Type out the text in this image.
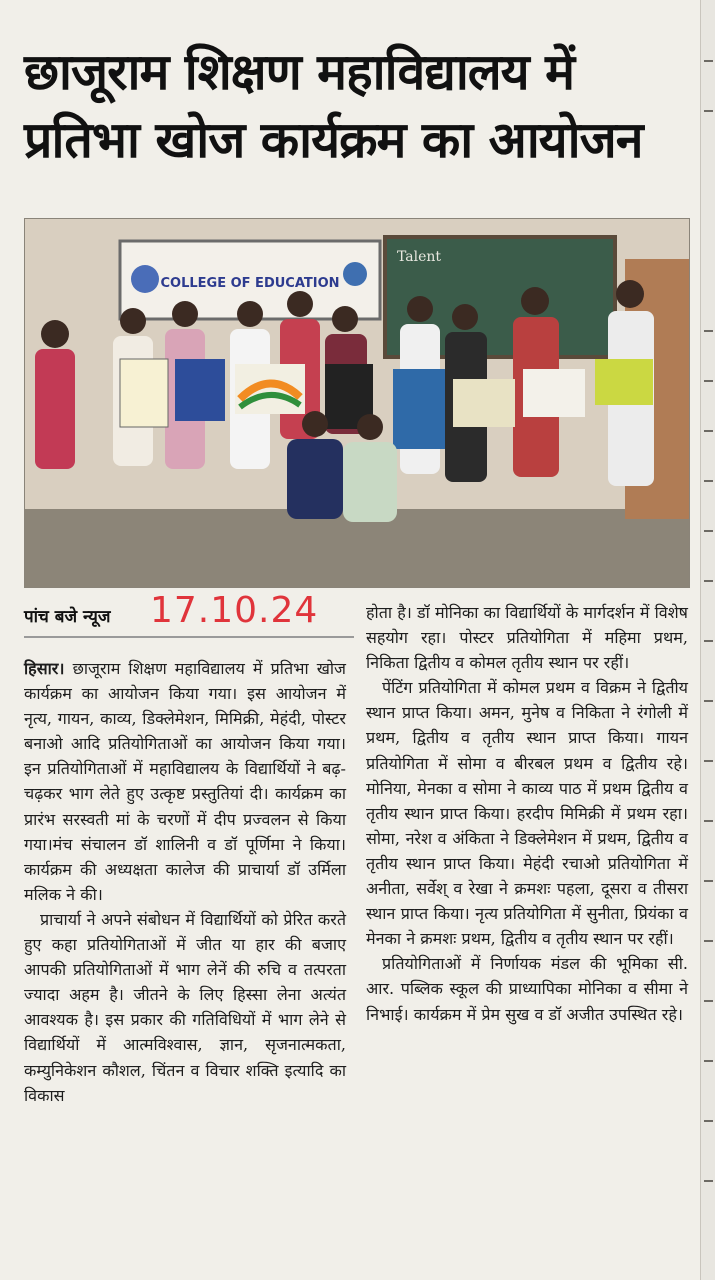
छाजूराम शिक्षण महाविद्यालय में
प्रतिभा खोज कार्यक्रम का आयोजन
COLLEGE OF EDUCATION
Talent
पांच बजे न्यूज 17.10.24

हिसार। छाजूराम शिक्षण महाविद्यालय में प्रतिभा खोज कार्यक्रम का आयोजन किया गया। इस आयोजन में नृत्य, गायन, काव्य, डिक्लेमेशन, मिमिक्री, मेहंदी, पोस्टर बनाओ आदि प्रतियोगिताओं का आयोजन किया गया। इन प्रतियोगिताओं में महाविद्यालय के विद्यार्थियों ने बढ़-चढ़कर भाग लेते हुए उत्कृष्ट प्रस्तुतियां दी। कार्यक्रम का प्रारंभ सरस्वती मां के चरणों में दीप प्रज्वलन से किया गया।मंच संचालन डॉ शालिनी व डॉ पूर्णिमा ने किया। कार्यक्रम की अध्यक्षता कालेज की प्राचार्या डॉ उर्मिला मलिक ने की।

प्राचार्या ने अपने संबोधन में विद्यार्थियों को प्रेरित करते हुए कहा प्रतियोगिताओं में जीत या हार की बजाए आपकी प्रतियोगिताओं में भाग लेनें की रुचि व तत्परता ज्यादा अहम है। जीतने के लिए हिस्सा लेना अत्यंत आवश्यक है। इस प्रकार की गतिविधियों में भाग लेने से विद्यार्थियों में आत्मविश्वास, ज्ञान, सृजनात्मकता, कम्युनिकेशन कौशल, चिंतन व विचार शक्ति इत्यादि का विकास

होता है। डॉ मोनिका का विद्यार्थियों के मार्गदर्शन में विशेष सहयोग रहा। पोस्टर प्रतियोगिता में महिमा प्रथम, निकिता द्वितीय व कोमल तृतीय स्थान पर रहीं।

पेंटिंग प्रतियोगिता में कोमल प्रथम व विक्रम ने द्वितीय स्थान प्राप्त किया। अमन, मुनेष व निकिता ने रंगोली में प्रथम, द्वितीय व तृतीय स्थान प्राप्त किया। गायन प्रतियोगिता में सोमा व बीरबल प्रथम व द्वितीय रहे। मोनिया, मेनका व सोमा ने काव्य पाठ में प्रथम द्वितीय व तृतीय स्थान प्राप्त किया। हरदीप मिमिक्री में प्रथम रहा। सोमा, नरेश व अंकिता ने डिक्लेमेशन में प्रथम, द्वितीय व तृतीय स्थान प्राप्त किया। मेहंदी रचाओ प्रतियोगिता में अनीता, सर्वेश् व रेखा ने क्रमशः पहला, दूसरा व तीसरा स्थान प्राप्त किया। नृत्य प्रतियोगिता में सुनीता, प्रियंका व मेनका ने क्रमशः प्रथम, द्वितीय व तृतीय स्थान पर रहीं।

प्रतियोगिताओं में निर्णायक मंडल की भूमिका सी. आर. पब्लिक स्कूल की प्राध्यापिका मोनिका व सीमा ने निभाई। कार्यक्रम में प्रेम सुख व डॉ अजीत उपस्थित रहे।
